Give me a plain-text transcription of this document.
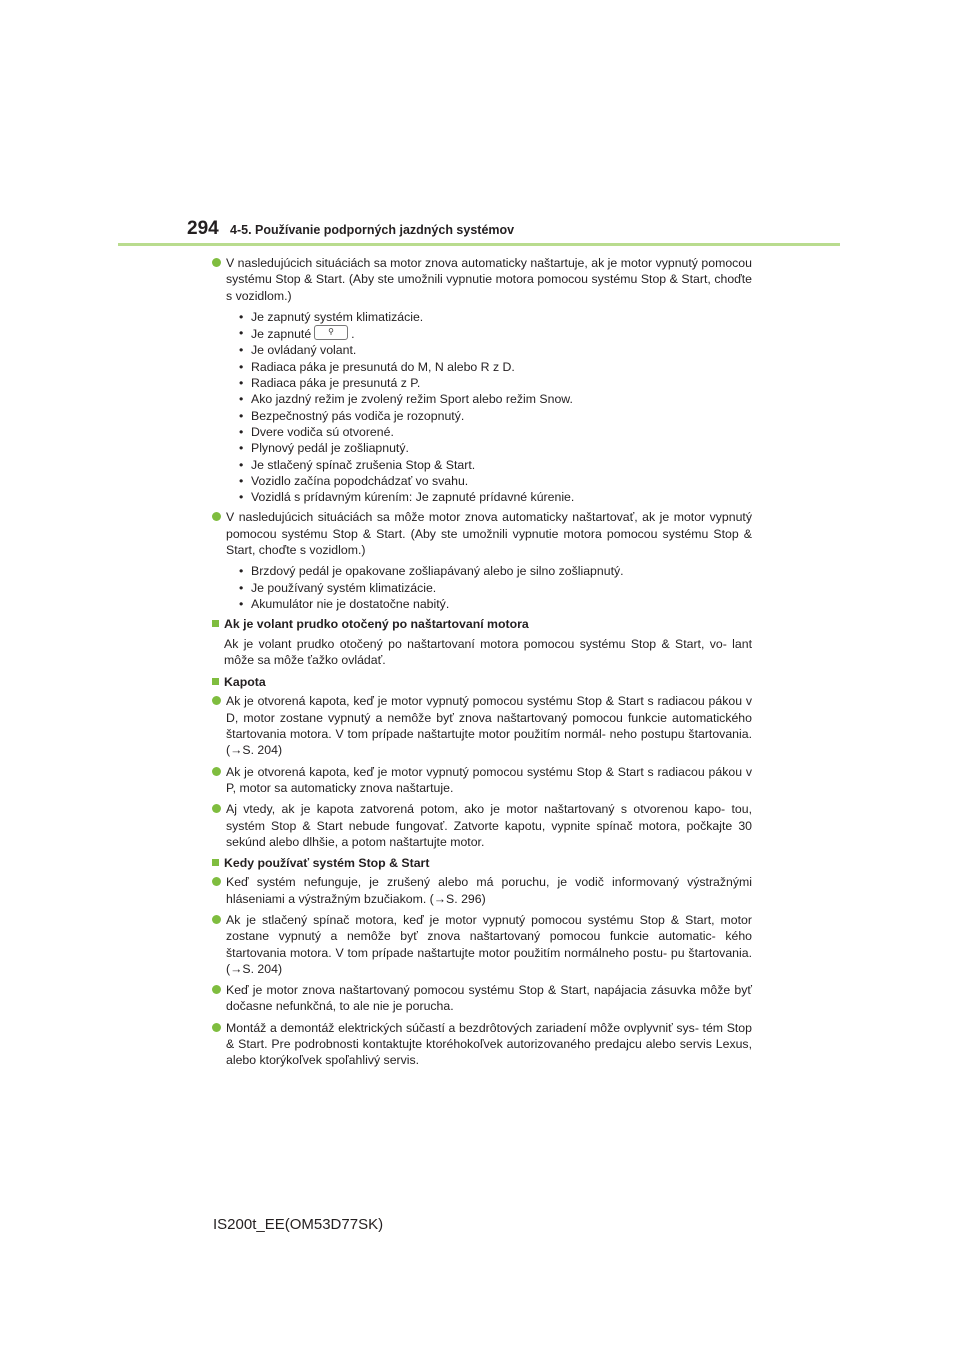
294 4-5. Používanie podporných jazdných systémov
V nasledujúcich situáciách sa motor znova automaticky naštartuje, ak je motor vypnutý pomocou systému Stop & Start. (Aby ste umožnili vypnutie motora pomocou systému Stop & Start, choďte s vozidlom.)
• Je zapnutý systém klimatizácie.
• Je zapnuté ⚲ .
• Je ovládaný volant.
• Radiaca páka je presunutá do M, N alebo R z D.
• Radiaca páka je presunutá z P.
• Ako jazdný režim je zvolený režim Sport alebo režim Snow.
• Bezpečnostný pás vodiča je rozopnutý.
• Dvere vodiča sú otvorené.
• Plynový pedál je zošliapnutý.
• Je stlačený spínač zrušenia Stop & Start.
• Vozidlo začína popodchádzať vo svahu.
• Vozidlá s prídavným kúrením: Je zapnuté prídavné kúrenie.
V nasledujúcich situáciách sa môže motor znova automaticky naštartovať, ak je motor vypnutý pomocou systému Stop & Start. (Aby ste umožnili vypnutie motora pomocou systému Stop & Start, choďte s vozidlom.)
• Brzdový pedál je opakovane zošliapávaný alebo je silno zošliapnutý.
• Je používaný systém klimatizácie.
• Akumulátor nie je dostatočne nabitý.
Ak je volant prudko otočený po naštartovaní motora
Ak je volant prudko otočený po naštartovaní motora pomocou systému Stop & Start, vo- lant môže sa môže ťažko ovládať.
Kapota
Ak je otvorená kapota, keď je motor vypnutý pomocou systému Stop & Start s radiacou pákou v D, motor zostane vypnutý a nemôže byť znova naštartovaný pomocou funkcie automatického štartovania motora. V tom prípade naštartujte motor použitím normál- neho postupu štartovania. (→S. 204)
Ak je otvorená kapota, keď je motor vypnutý pomocou systému Stop & Start s radiacou pákou v P, motor sa automaticky znova naštartuje.
Aj vtedy, ak je kapota zatvorená potom, ako je motor naštartovaný s otvorenou kapo- tou, systém Stop & Start nebude fungovať. Zatvorte kapotu, vypnite spínač motora, počkajte 30 sekúnd alebo dlhšie, a potom naštartujte motor.
Kedy používať systém Stop & Start
Keď systém nefunguje, je zrušený alebo má poruchu, je vodič informovaný výstražnými hláseniami a výstražným bzučiakom. (→S. 296)
Ak je stlačený spínač motora, keď je motor vypnutý pomocou systému Stop & Start, motor zostane vypnutý a nemôže byť znova naštartovaný pomocou funkcie automatic- kého štartovania motora. V tom prípade naštartujte motor použitím normálneho postu- pu štartovania. (→S. 204)
Keď je motor znova naštartovaný pomocou systému Stop & Start, napájacia zásuvka môže byť dočasne nefunkčná, to ale nie je porucha.
Montáž a demontáž elektrických súčastí a bezdrôtových zariadení môže ovplyvniť sys- tém Stop & Start. Pre podrobnosti kontaktujte ktoréhokoľvek autorizovaného predajcu alebo servis Lexus, alebo ktorýkoľvek spoľahlivý servis.
IS200t_EE(OM53D77SK)
